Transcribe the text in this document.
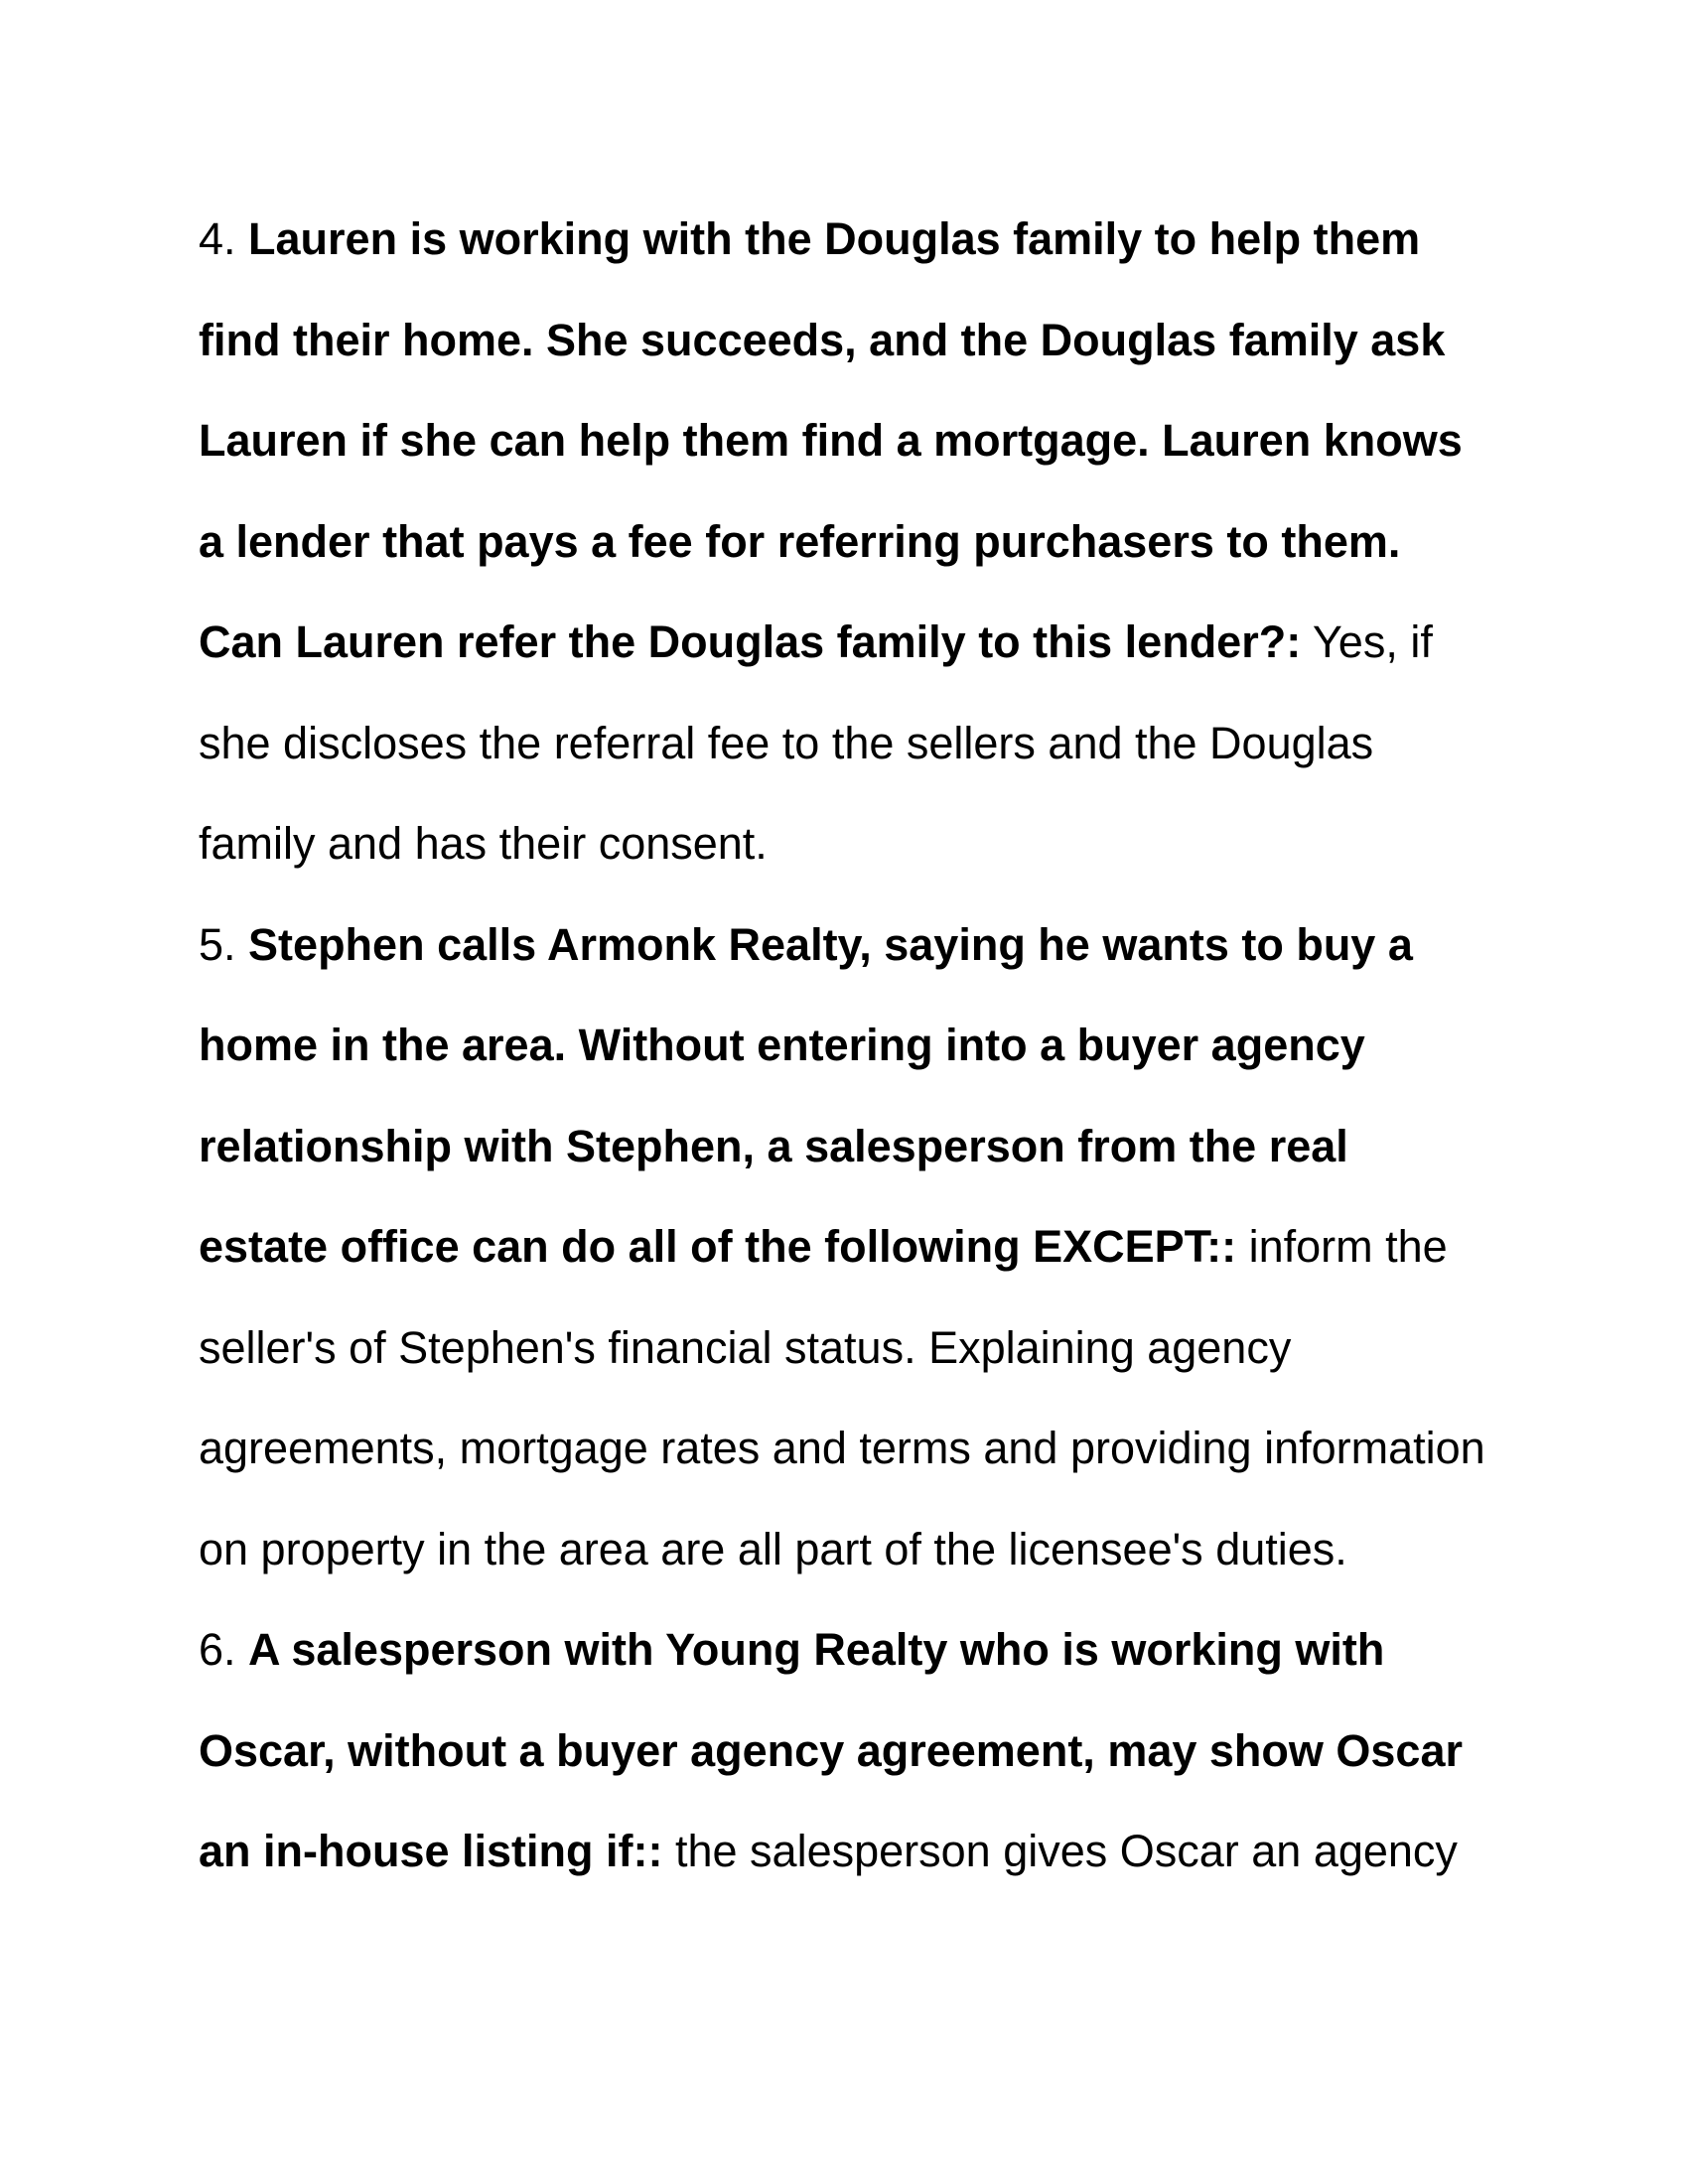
4. Lauren is working with the Douglas family to help them find their home. She succeeds, and the Douglas family ask Lauren if she can help them find a mortgage. Lauren knows a lender that pays a fee for referring purchasers to them. Can Lauren refer the Douglas family to this lender?: Yes, if she discloses the referral fee to the sellers and the Douglas family and has their consent.

5. Stephen calls Armonk Realty, saying he wants to buy a home in the area. Without entering into a buyer agency relationship with Stephen, a salesperson from the real estate office can do all of the following EXCEPT:: inform the seller's of Stephen's financial status. Explaining agency agreements, mortgage rates and terms and providing information on property in the area are all part of the licensee's duties.

6. A salesperson with Young Realty who is working with Oscar, without a buyer agency agreement, may show Oscar an in-house listing if:: the salesperson gives Oscar an agency
